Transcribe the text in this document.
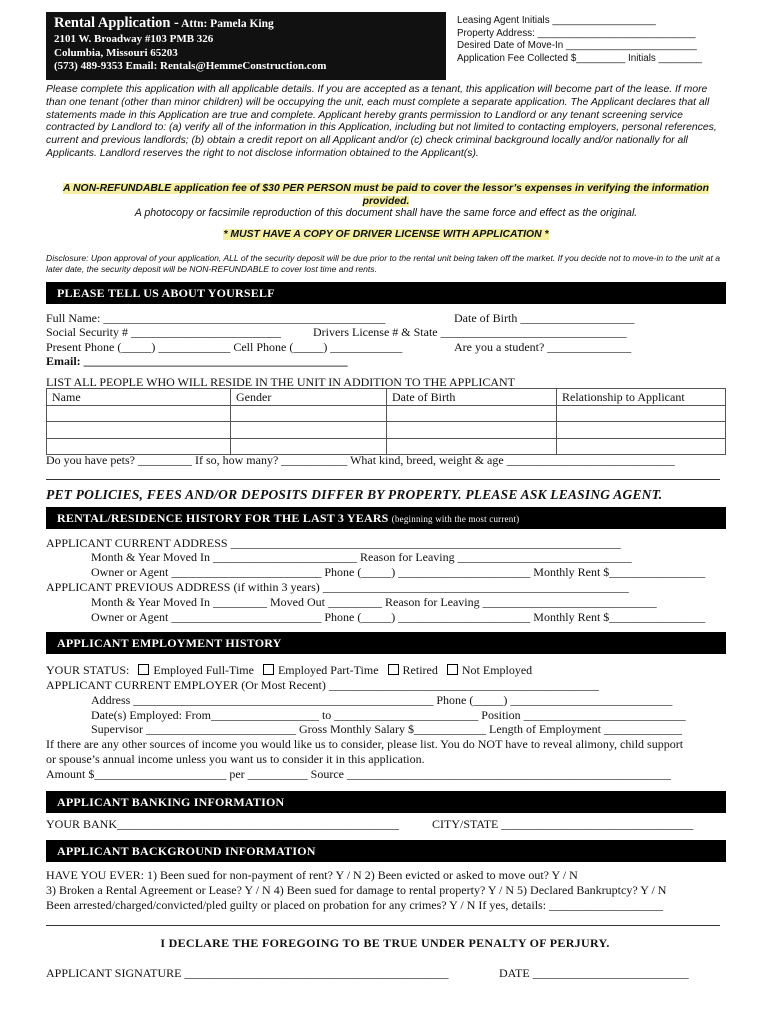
Rental Application - Attn: Pamela King
2101 W. Broadway #103 PMB 326
Columbia, Missouri 65203
(573) 489-9353 Email: Rentals@HemmeConstruction.com
Leasing Agent Initials ___________________
Property Address: _____________________________
Desired Date of Move-In ________________________
Application Fee Collected $_________ Initials ________
Please complete this application with all applicable details. If you are accepted as a tenant, this application will become part of the lease. If more than one tenant (other than minor children) will be occupying the unit, each must complete a separate application. The Applicant declares that all statements made in this Application are true and complete. Applicant hereby grants permission to Landlord or any tenant screening service contracted by Landlord to: (a) verify all of the information in this Application, including but not limited to contacting employers, personal references, current and previous landlords; (b) obtain a credit report on all Applicant and/or (c) check criminal background locally and/or nationally for all Applicants. Landlord reserves the right to not disclose information obtained to the Applicant(s).
A NON-REFUNDABLE application fee of $30 PER PERSON must be paid to cover the lessor’s expenses in verifying the information provided.
A photocopy or facsimile reproduction of this document shall have the same force and effect as the original.
* MUST HAVE A COPY OF DRIVER LICENSE WITH APPLICATION *
Disclosure: Upon approval of your application, ALL of the security deposit will be due prior to the rental unit being taken off the market. If you decide not to move-in to the unit at a later date, the security deposit will be NON-REFUNDABLE to cover lost time and rents.
PLEASE TELL US ABOUT YOURSELF
Full Name: _______________________________________________	Date of Birth ___________________
Social Security # _________________________	Drivers License # & State _______________________________
Present Phone (_____) ____________ Cell Phone (_____) ____________	Are you a student? ______________
Email: ____________________________________________
LIST ALL PEOPLE WHO WILL RESIDE IN THE UNIT IN ADDITION TO THE APPLICANT
Name	Gender	Date of Birth	Relationship to Applicant

Do you have pets? _________ If so, how many? ___________ What kind, breed, weight & age ____________________________
PET POLICIES, FEES AND/OR DEPOSITS DIFFER BY PROPERTY. PLEASE ASK LEASING AGENT.
RENTAL/RESIDENCE HISTORY FOR THE LAST 3 YEARS (beginning with the most current)
APPLICANT CURRENT ADDRESS _________________________________________________________________
Month & Year Moved In ________________________ Reason for Leaving _____________________________
Owner or Agent _________________________ Phone (_____) ______________________ Monthly Rent $________________
APPLICANT PREVIOUS ADDRESS (if within 3 years) ___________________________________________________
Month & Year Moved In _________ Moved Out _________ Reason for Leaving _____________________________
Owner or Agent _________________________ Phone (_____) ______________________ Monthly Rent $________________
APPLICANT EMPLOYMENT HISTORY
YOUR STATUS: Employed Full-Time Employed Part-Time Retired Not Employed
APPLICANT CURRENT EMPLOYER (Or Most Recent) _____________________________________________
Address __________________________________________________ Phone (_____) ___________________________
Date(s) Employed: From__________________ to ________________________ Position ___________________________
Supervisor _________________________ Gross Monthly Salary $____________ Length of Employment _____________
If there are any other sources of income you would like us to consider, please list. You do NOT have to reveal alimony, child support
or spouse’s annual income unless you want us to consider it in this application.
Amount $______________________ per __________ Source ______________________________________________________
APPLICANT BANKING INFORMATION
YOUR BANK_______________________________________________	CITY/STATE ________________________________
APPLICANT BACKGROUND INFORMATION
HAVE YOU EVER: 1) Been sued for non-payment of rent? Y / N 2) Been evicted or asked to move out? Y / N
3) Broken a Rental Agreement or Lease? Y / N 4) Been sued for damage to rental property? Y / N 5) Declared Bankruptcy? Y / N
Been arrested/charged/convicted/pled guilty or placed on probation for any crimes? Y / N If yes, details: ___________________
I DECLARE THE FOREGOING TO BE TRUE UNDER PENALTY OF PERJURY.
APPLICANT SIGNATURE ____________________________________________	DATE __________________________
